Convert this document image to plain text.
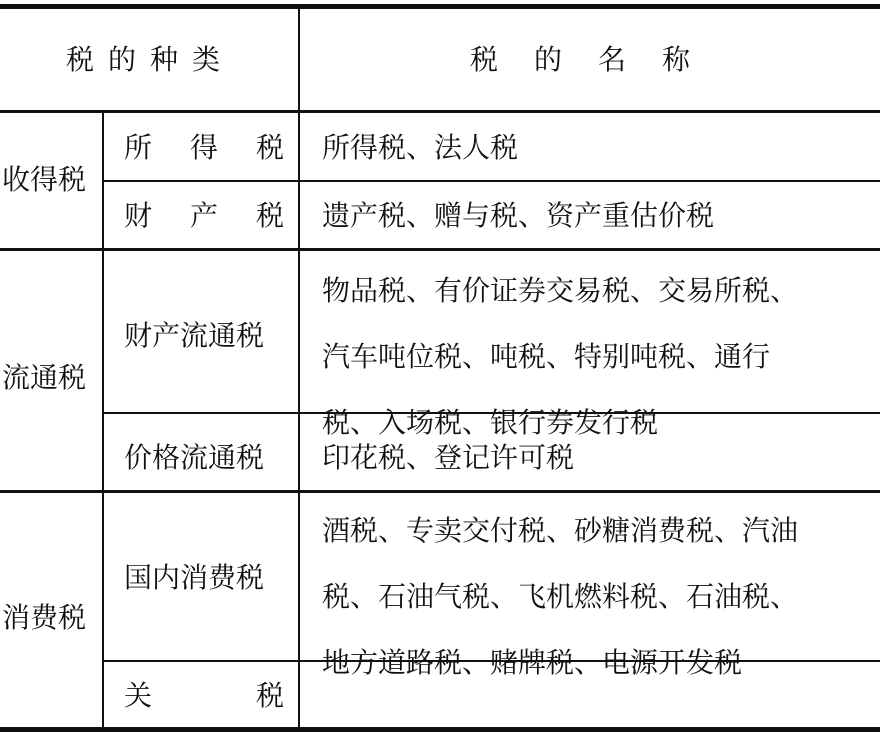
税的种类	税的名称
收得税
所 得 税 所得税、法人税
财 产 税 遗产税、赠与税、资产重估价税
流通税
财产流通税
物品税、有价证券交易税、交易所税、
汽车吨位税、吨税、特别吨税、通行
税、入场税、银行券发行税
价格流通税 印花税、登记许可税
消费税
国内消费税
酒税、专卖交付税、砂糖消费税、汽油
税、石油气税、飞机燃料税、石油税、
地方道路税、赌牌税、电源开发税
关	税
